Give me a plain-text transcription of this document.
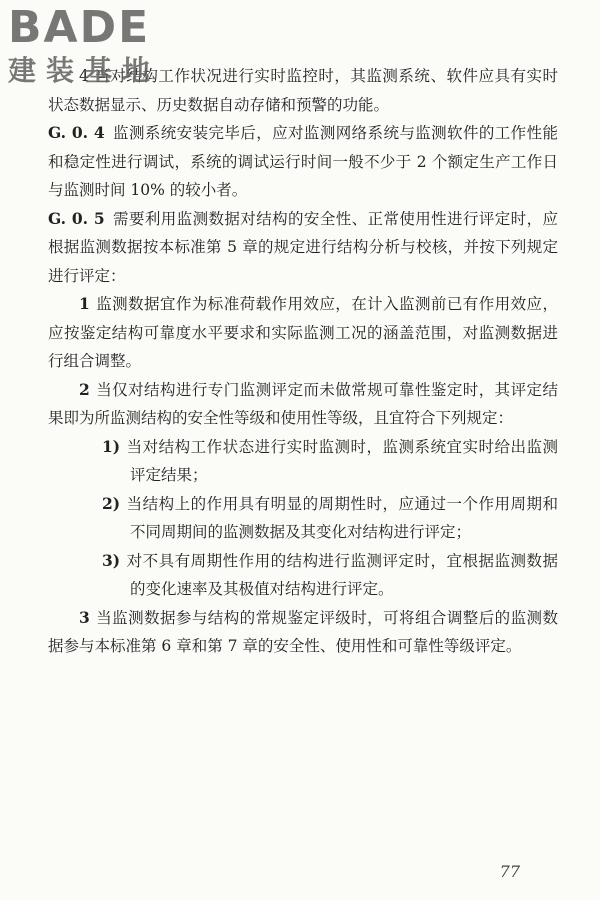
BADE
建装基地

4 当对结构工作状况进行实时监控时，其监测系统、软件应具有实时状态数据显示、历史数据自动存储和预警的功能。

G. 0. 4 监测系统安装完毕后，应对监测网络系统与监测软件的工作性能和稳定性进行调试，系统的调试运行时间一般不少于 2 个额定生产工作日与监测时间 10% 的较小者。

G. 0. 5 需要利用监测数据对结构的安全性、正常使用性进行评定时，应根据监测数据按本标准第 5 章的规定进行结构分析与校核，并按下列规定进行评定：

1 监测数据宜作为标准荷载作用效应，在计入监测前已有作用效应，应按鉴定结构可靠度水平要求和实际监测工况的涵盖范围，对监测数据进行组合调整。

2 当仅对结构进行专门监测评定而未做常规可靠性鉴定时，其评定结果即为所监测结构的安全性等级和使用性等级，且宜符合下列规定：

1) 当对结构工作状态进行实时监测时，监测系统宜实时给出监测评定结果；

2) 当结构上的作用具有明显的周期性时，应通过一个作用周期和不同周期间的监测数据及其变化对结构进行评定；

3) 对不具有周期性作用的结构进行监测评定时，宜根据监测数据的变化速率及其极值对结构进行评定。

3 当监测数据参与结构的常规鉴定评级时，可将组合调整后的监测数据参与本标准第 6 章和第 7 章的安全性、使用性和可靠性等级评定。

77
